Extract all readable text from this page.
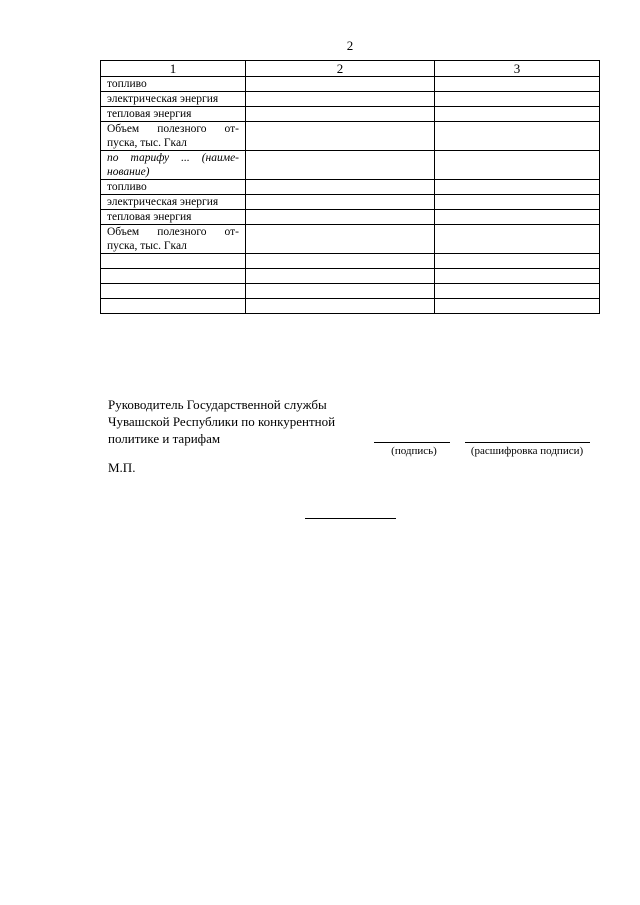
2
1	2	3
топливо		
электрическая энергия		
тепловая энергия		
Объем полезного от-пуска, тыс. Гкал		
по тарифу ... (наиме-нование)		
топливо		
электрическая энергия		
тепловая энергия		
Объем полезного от-пуска, тыс. Гкал		

Руководитель Государственной службы
Чувашской Республики по конкурентной
политике и тарифам
(подпись)	(расшифровка подписи)
М.П.
